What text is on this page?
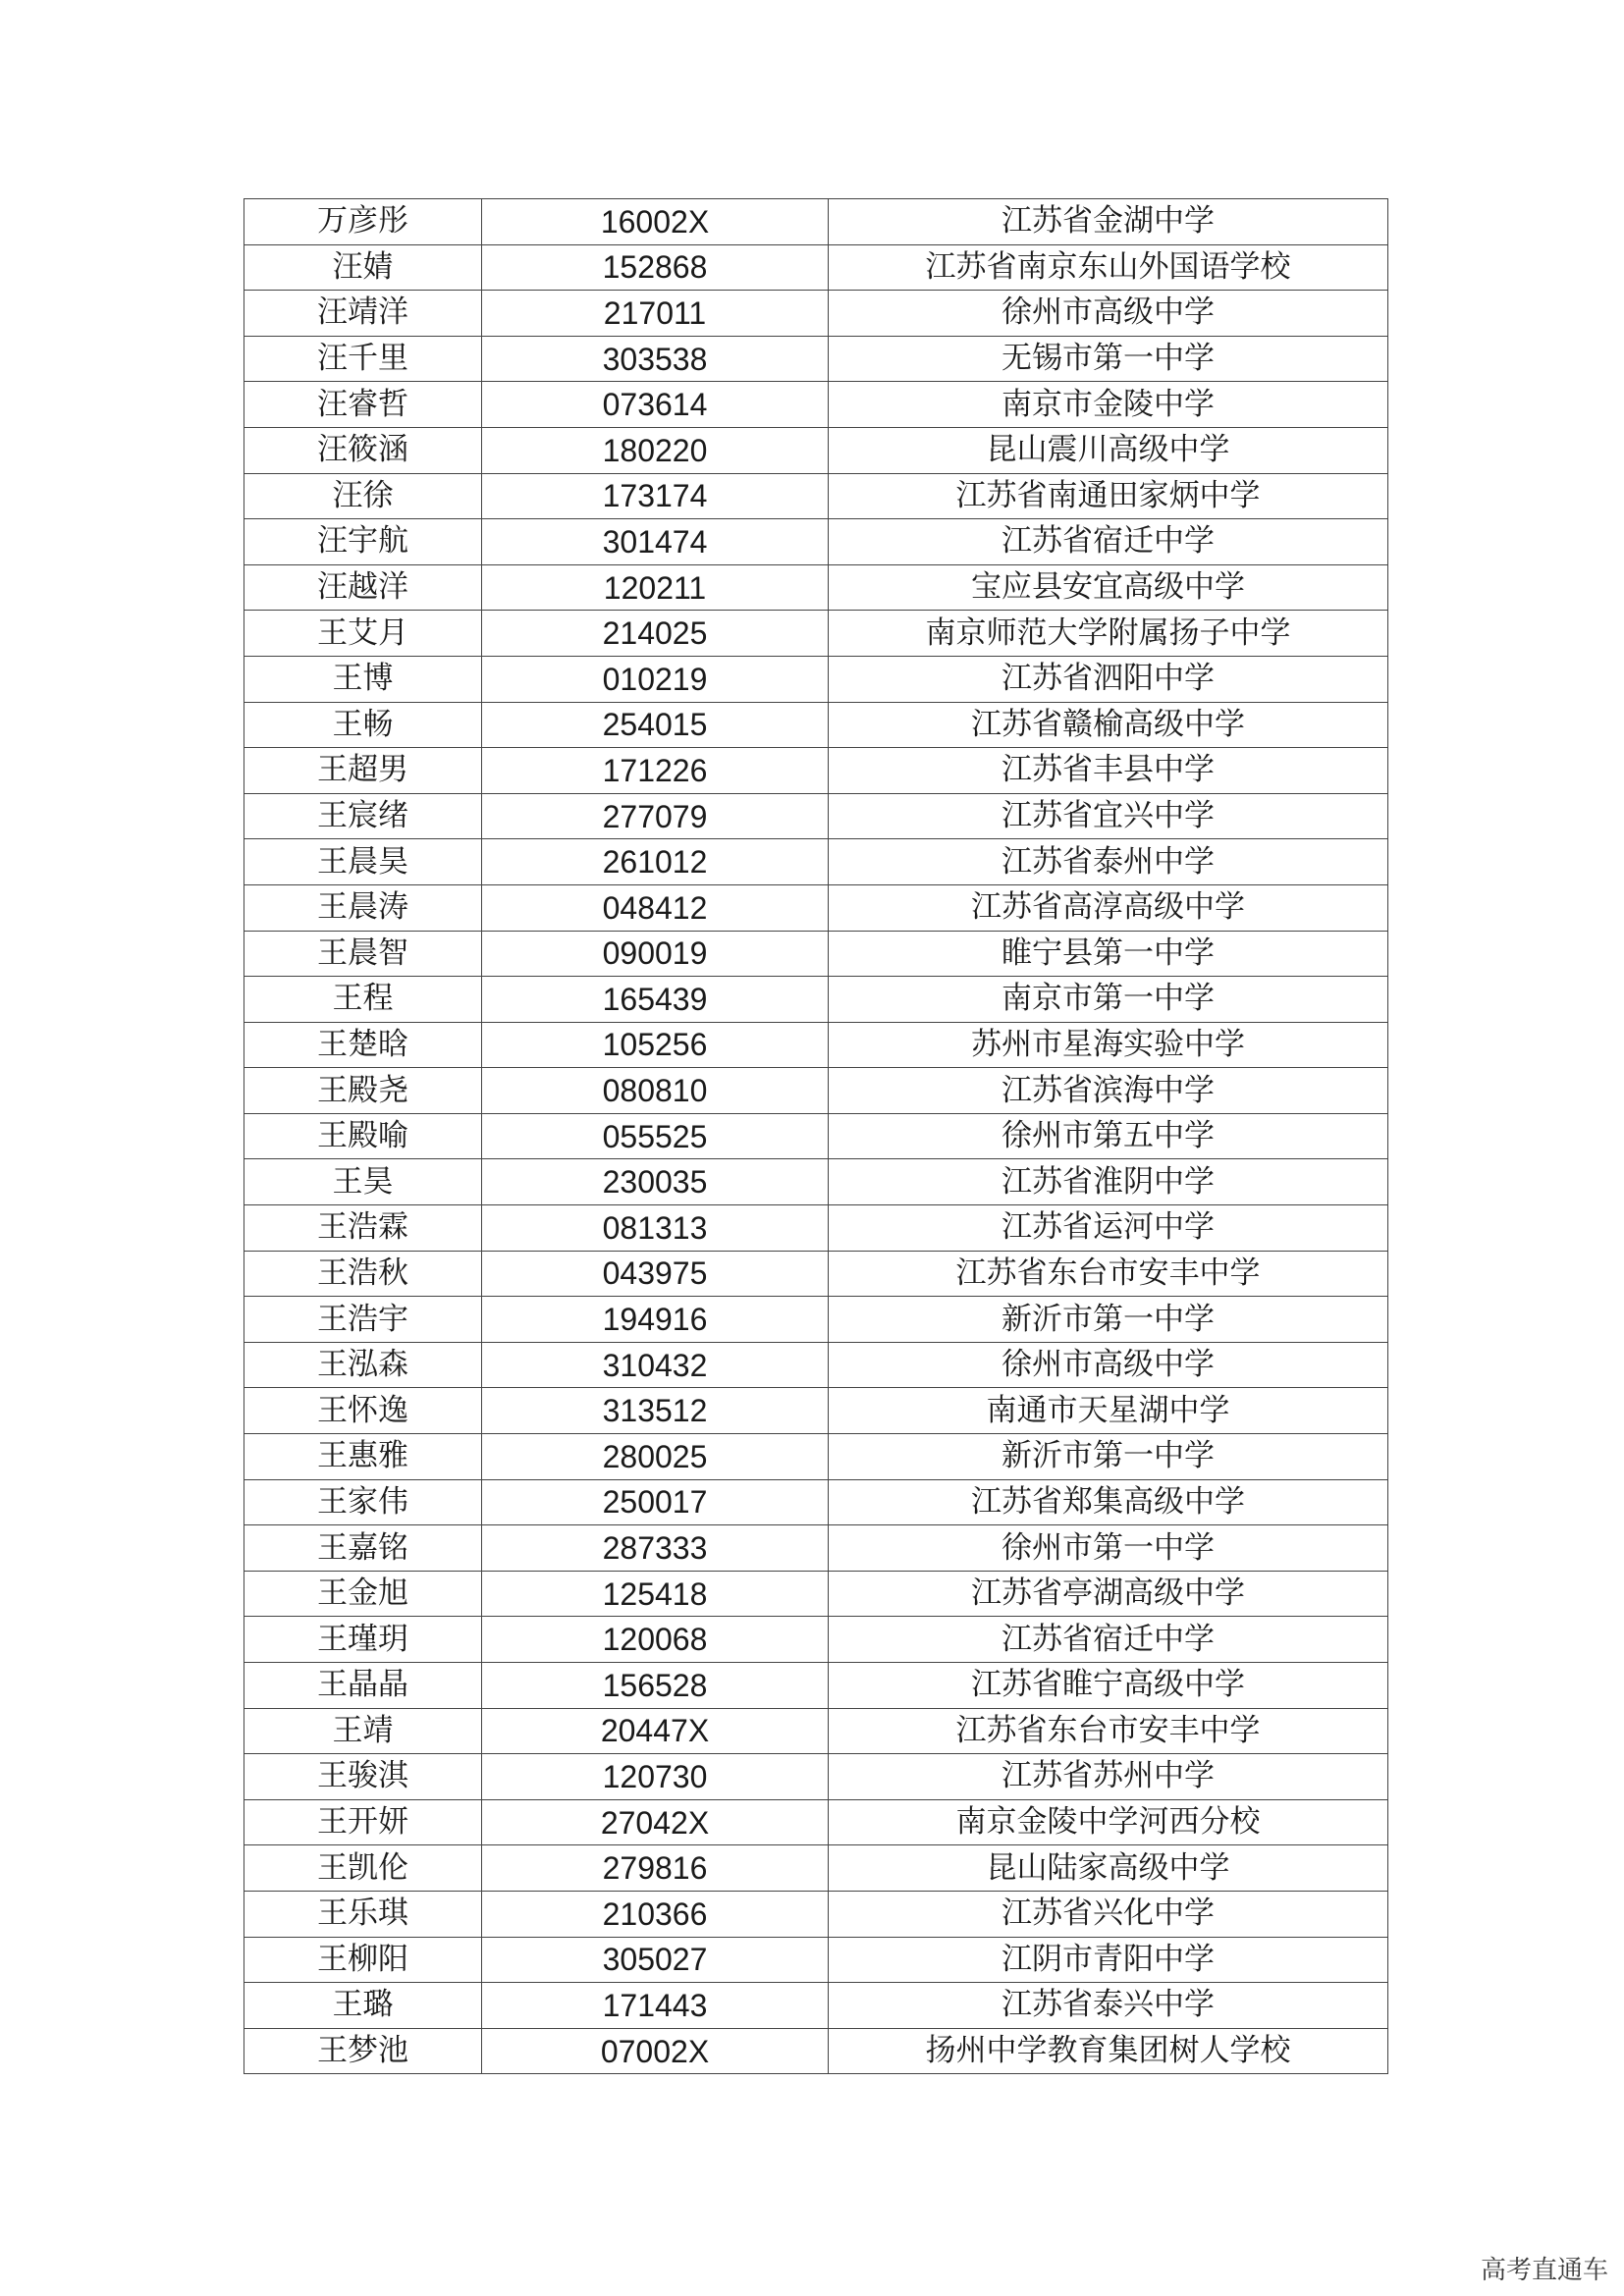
万彦彤	16002X	江苏省金湖中学
汪婧	152868	江苏省南京东山外国语学校
汪靖洋	217011	徐州市高级中学
汪千里	303538	无锡市第一中学
汪睿哲	073614	南京市金陵中学
汪筱涵	180220	昆山震川高级中学
汪徐	173174	江苏省南通田家炳中学
汪宇航	301474	江苏省宿迁中学
汪越洋	120211	宝应县安宜高级中学
王艾月	214025	南京师范大学附属扬子中学
王博	010219	江苏省泗阳中学
王畅	254015	江苏省赣榆高级中学
王超男	171226	江苏省丰县中学
王宸绪	277079	江苏省宜兴中学
王晨昊	261012	江苏省泰州中学
王晨涛	048412	江苏省高淳高级中学
王晨智	090019	睢宁县第一中学
王程	165439	南京市第一中学
王楚晗	105256	苏州市星海实验中学
王殿尧	080810	江苏省滨海中学
王殿喻	055525	徐州市第五中学
王昊	230035	江苏省淮阴中学
王浩霖	081313	江苏省运河中学
王浩秋	043975	江苏省东台市安丰中学
王浩宇	194916	新沂市第一中学
王泓森	310432	徐州市高级中学
王怀逸	313512	南通市天星湖中学
王惠雅	280025	新沂市第一中学
王家伟	250017	江苏省郑集高级中学
王嘉铭	287333	徐州市第一中学
王金旭	125418	江苏省亭湖高级中学
王瑾玥	120068	江苏省宿迁中学
王晶晶	156528	江苏省睢宁高级中学
王靖	20447X	江苏省东台市安丰中学
王骏淇	120730	江苏省苏州中学
王开妍	27042X	南京金陵中学河西分校
王凯伦	279816	昆山陆家高级中学
王乐琪	210366	江苏省兴化中学
王柳阳	305027	江阴市青阳中学
王璐	171443	江苏省泰兴中学
王梦池	07002X	扬州中学教育集团树人学校
高考直通车
